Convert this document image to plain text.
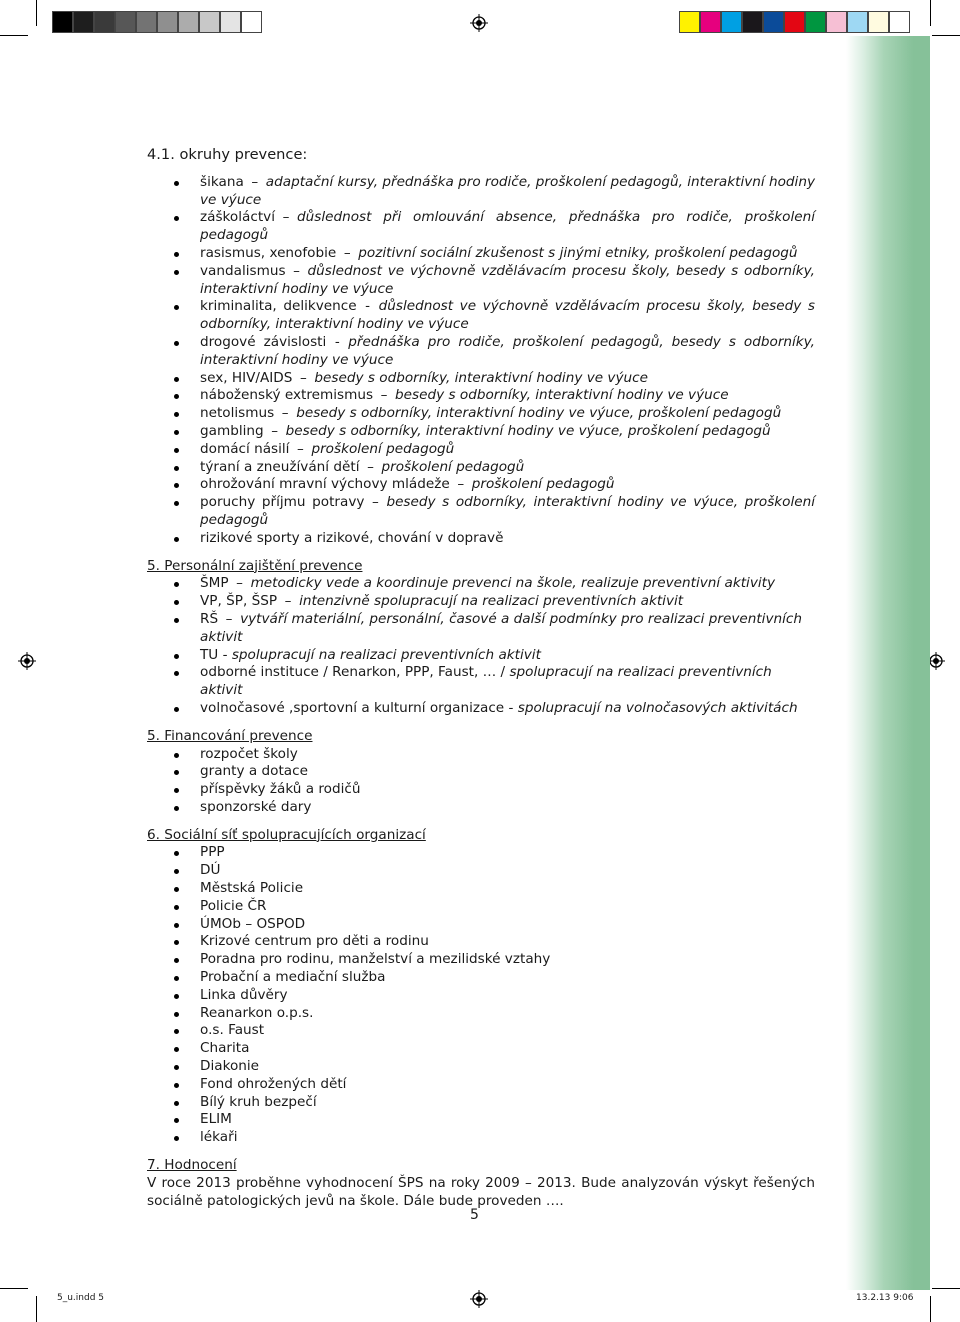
4.1. okruhy prevence:

šikana – adaptační kursy, přednáška pro rodiče, proškolení pedagogů, interaktivní hodiny ve výuce
záškoláctví – důslednost při omlouvání absence, přednáška pro rodiče, proškolení pedagogů
rasismus, xenofobie – pozitivní sociální zkušenost s jinými etniky, proškolení pedagogů
vandalismus – důslednost ve výchovně vzdělávacím procesu školy, besedy s odborníky, interaktivní hodiny ve výuce
kriminalita, delikvence - důslednost ve výchovně vzdělávacím procesu školy, besedy s odborníky, interaktivní hodiny ve výuce
drogové závislosti - přednáška pro rodiče, proškolení pedagogů, besedy s odborníky, interaktivní hodiny ve výuce
sex, HIV/AIDS – besedy s odborníky, interaktivní hodiny ve výuce
náboženský extremismus – besedy s odborníky, interaktivní hodiny ve výuce
netolismus – besedy s odborníky, interaktivní hodiny ve výuce, proškolení pedagogů
gambling – besedy s odborníky, interaktivní hodiny ve výuce, proškolení pedagogů
domácí násilí – proškolení pedagogů
týraní a zneužívání dětí – proškolení pedagogů
ohrožování mravní výchovy mládeže – proškolení pedagogů
poruchy příjmu potravy – besedy s odborníky, interaktivní hodiny ve výuce, proškolení pedagogů
rizikové sporty a rizikové, chování v dopravě

5. Personální zajištění prevence

ŠMP – metodicky vede a koordinuje prevenci na škole, realizuje preventivní aktivity
VP, ŠP, ŠSP – intenzivně spolupracují na realizaci preventivních aktivit
RŠ – vytváří materiální, personální, časové a další podmínky pro realizaci preventivních aktivit
TU - spolupracují na realizaci preventivních aktivit
odborné instituce / Renarkon, PPP, Faust, … / spolupracují na realizaci preventivních aktivit
volnočasové ,sportovní a kulturní organizace - spolupracují na volnočasových aktivitách

5. Financování prevence

rozpočet školy
granty a dotace
příspěvky žáků a rodičů
sponzorské dary

6. Sociální síť spolupracujících organizací

PPP
DÚ
Městská Policie
Policie ČR
ÚMOb – OSPOD
Krizové centrum pro děti a rodinu
Poradna pro rodinu, manželství a mezilidské vztahy
Probační a mediační služba
Linka důvěry
Reanarkon o.p.s.
o.s. Faust
Charita
Diakonie
Fond ohrožených dětí
Bílý kruh bezpečí
ELIM
lékaři

7. Hodnocení

V roce 2013 proběhne vyhodnocení ŠPS na roky 2009 – 2013. Bude analyzován výskyt řešených sociálně patologických jevů na škole. Dále bude proveden ….

5
5_u.indd 5	13.2.13 9:06
